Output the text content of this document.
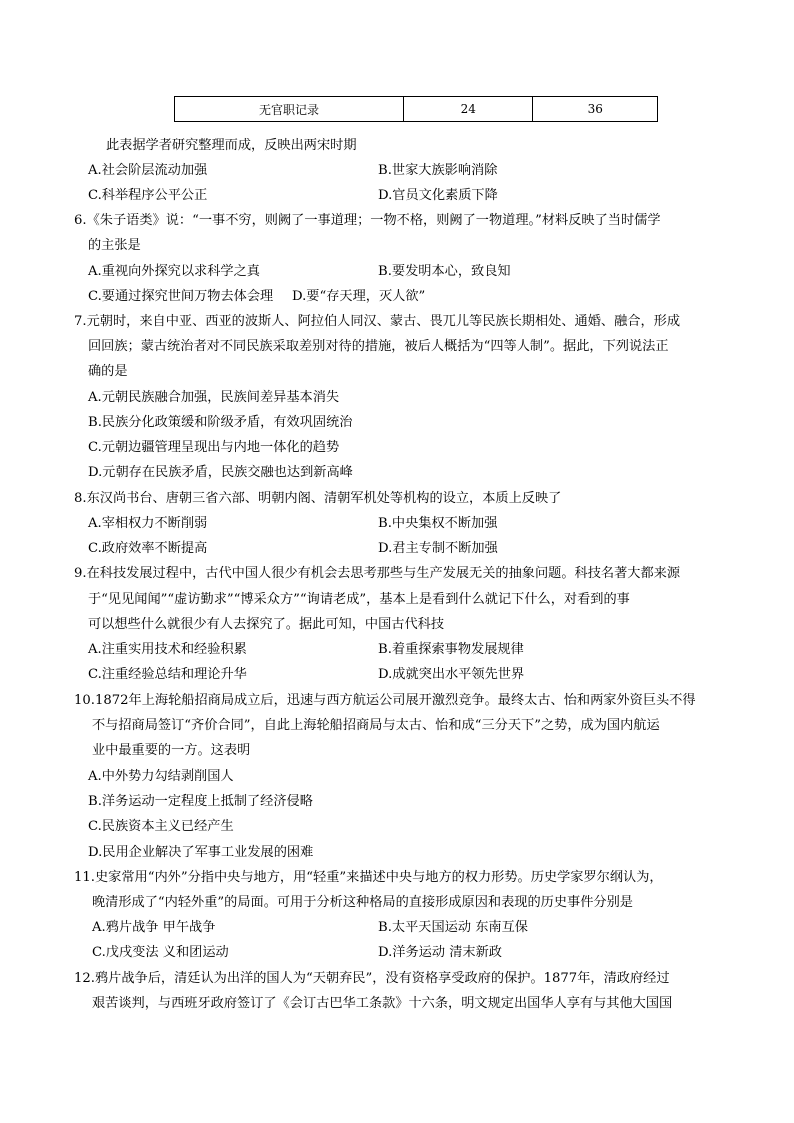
无官职记录	24	36
此表据学者研究整理而成，反映出两宋时期
A.社会阶层流动加强	B.世家大族影响消除
C.科举程序公平公正	D.官员文化素质下降
6.《朱子语类》说：“一事不穷，则阙了一事道理；一物不格，则阙了一物道理。”材料反映了当时儒学
的主张是
A.重视向外探究以求科学之真	B.要发明本心，致良知
C.要通过探究世间万物去体会理 D.要“存天理，灭人欲”
7.元朝时，来自中亚、西亚的波斯人、阿拉伯人同汉、蒙古、畏兀儿等民族长期相处、通婚、融合，形成
回回族；蒙古统治者对不同民族采取差别对待的措施，被后人概括为“四等人制”。据此，下列说法正
确的是
A.元朝民族融合加强，民族间差异基本消失
B.民族分化政策缓和阶级矛盾，有效巩固统治
C.元朝边疆管理呈现出与内地一体化的趋势
D.元朝存在民族矛盾，民族交融也达到新高峰
8.东汉尚书台、唐朝三省六部、明朝内阁、清朝军机处等机构的设立，本质上反映了
A.宰相权力不断削弱	B.中央集权不断加强
C.政府效率不断提高	D.君主专制不断加强
9.在科技发展过程中，古代中国人很少有机会去思考那些与生产发展无关的抽象问题。科技名著大都来源
于“见见闻闻”“虚访勤求”“博采众方”“询请老成”，基本上是看到什么就记下什么，对看到的事
可以想些什么就很少有人去探究了。据此可知，中国古代科技
A.注重实用技术和经验积累	B.着重探索事物发展规律
C.注重经验总结和理论升华	D.成就突出水平领先世界
10.1872年上海轮船招商局成立后，迅速与西方航运公司展开激烈竞争。最终太古、怡和两家外资巨头不得
不与招商局签订“齐价合同”，自此上海轮船招商局与太古、怡和成“三分天下”之势，成为国内航运
业中最重要的一方。这表明
A.中外势力勾结剥削国人
B.洋务运动一定程度上抵制了经济侵略
C.民族资本主义已经产生
D.民用企业解决了军事工业发展的困难
11.史家常用“内外”分指中央与地方，用“轻重”来描述中央与地方的权力形势。历史学家罗尔纲认为，
晚清形成了“内轻外重”的局面。可用于分析这种格局的直接形成原因和表现的历史事件分别是
A.鸦片战争 甲午战争	B.太平天国运动 东南互保
C.戊戌变法 义和团运动	D.洋务运动 清末新政
12.鸦片战争后，清廷认为出洋的国人为“天朝弃民”，没有资格享受政府的保护。1877年，清政府经过
艰苦谈判，与西班牙政府签订了《会订古巴华工条款》十六条，明文规定出国华人享有与其他大国国
